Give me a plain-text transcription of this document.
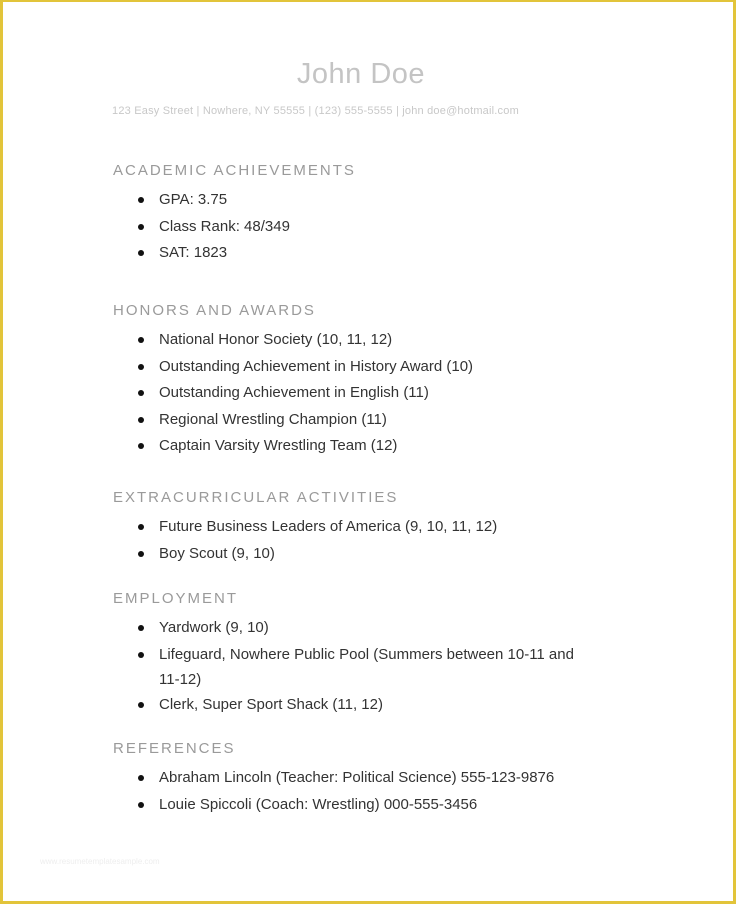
John Doe
123 Easy Street | Nowhere, NY 55555 | (123) 555-5555 | john doe@hotmail.com
ACADEMIC ACHIEVEMENTS
GPA: 3.75
Class Rank: 48/349
SAT: 1823
HONORS AND AWARDS
National Honor Society (10, 11, 12)
Outstanding Achievement in History Award (10)
Outstanding Achievement in English (11)
Regional Wrestling Champion (11)
Captain Varsity Wrestling Team (12)
EXTRACURRICULAR ACTIVITIES
Future Business Leaders of America (9, 10, 11, 12)
Boy Scout (9, 10)
EMPLOYMENT
Yardwork (9, 10)
Lifeguard, Nowhere Public Pool (Summers between 10-11 and 11-12)
Clerk, Super Sport Shack (11, 12)
REFERENCES
Abraham Lincoln (Teacher: Political Science) 555-123-9876
Louie Spiccoli (Coach: Wrestling) 000-555-3456
www.resumetemplatesample.com
